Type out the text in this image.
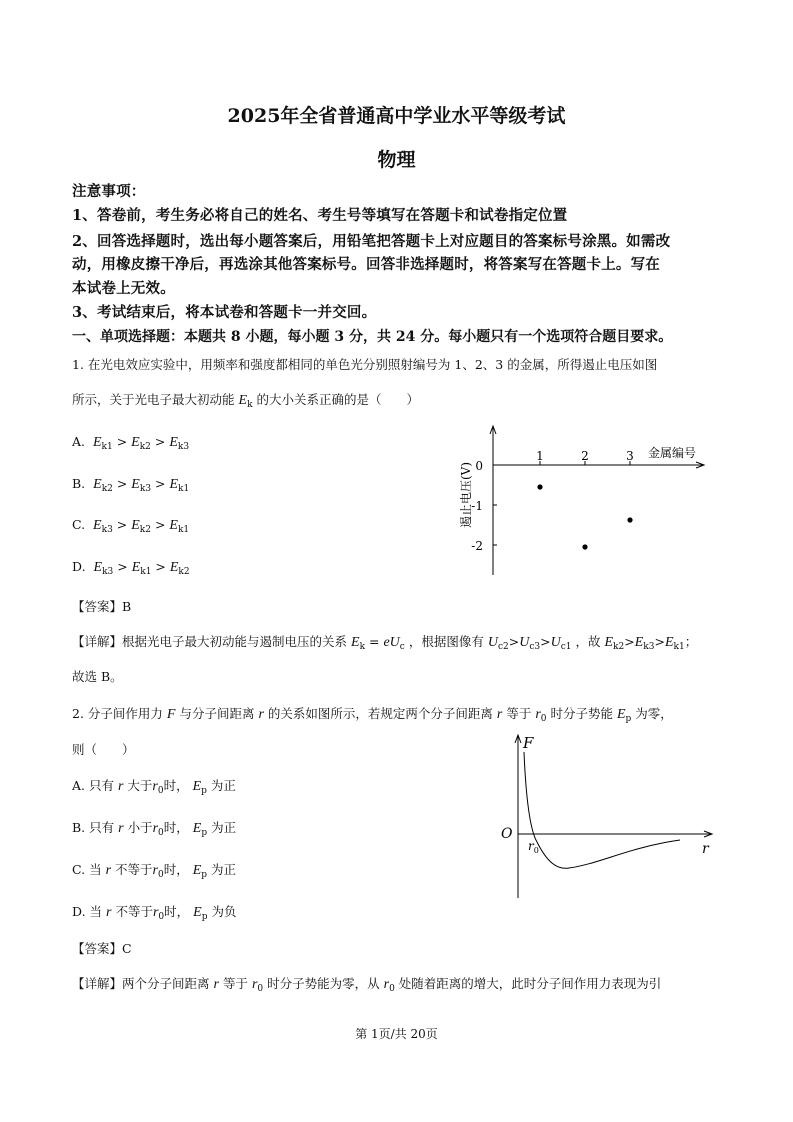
2025年全省普通高中学业水平等级考试
物理
注意事项：
1、答卷前，考生务必将自己的姓名、考生号等填写在答题卡和试卷指定位置
2、回答选择题时，选出每小题答案后，用铅笔把答题卡上对应题目的答案标号涂黑。如需改
动，用橡皮擦干净后，再选涂其他答案标号。回答非选择题时，将答案写在答题卡上。写在
本试卷上无效。
3、考试结束后，将本试卷和答题卡一并交回。
一、单项选择题：本题共 8 小题，每小题 3 分，共 24 分。每小题只有一个选项符合题目要求。
1. 在光电效应实验中，用频率和强度都相同的单色光分别照射编号为 1、2、3 的金属，所得遏止电压如图
所示，关于光电子最大初动能 $E_k$ 的大小关系正确的是（　　）
A. $E_{k1} > E_{k2} > E_{k3}$
B. $E_{k2} > E_{k3} > E_{k1}$
C. $E_{k3} > E_{k2} > E_{k1}$
D. $E_{k3} > E_{k1} > E_{k2}$
1	2	3 金属编号
0
-1
-2
遏止电压(V)
【答案】B
【详解】根据光电子最大初动能与遏制电压的关系 $E_k = eU_c$ ，根据图像有 $U_{c2}>U_{c3}>U_{c1}$ ，故 $E_{k2}>E_{k3}>E_{k1}$；
故选 B。
2. 分子间作用力 F 与分子间距离 r 的关系如图所示，若规定两个分子间距离 r 等于 $r_0$ 时分子势能 $E_p$ 为零，
则（　　）
A. 只有 r 大于$r_0$时， $E_p$ 为正
B. 只有 r 小于$r_0$时， $E_p$ 为正
C. 当 r 不等于$r_0$时， $E_p$ 为正
D. 当 r 不等于$r_0$时， $E_p$ 为负
F
O
r
$r_0$
【答案】C
【详解】两个分子间距离 r 等于 $r_0$ 时分子势能为零，从 $r_0$ 处随着距离的增大，此时分子间作用力表现为引
第 1页/共 20页
